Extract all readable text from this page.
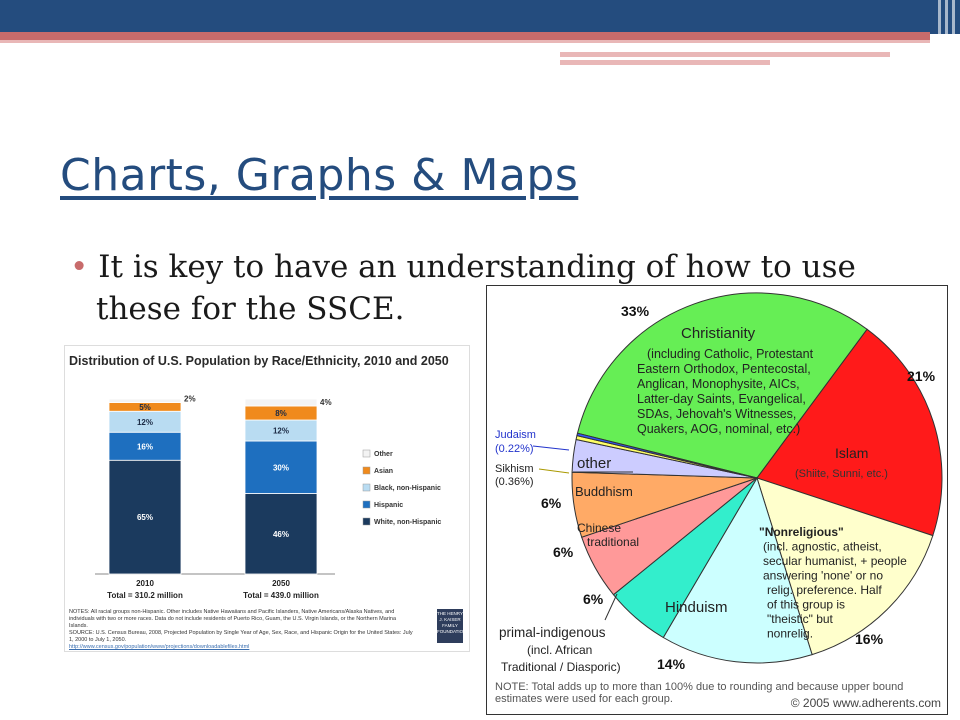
Charts, Graphs & Maps
• It is key to have an understanding of how to use
these for the SSCE.
Distribution of U.S. Population by Race/Ethnicity, 2010 and 2050
65%
16%
12%
5%
2%
2010
Total = 310.2 million
46%
30%
12%
8%
4%
2050
Total = 439.0 million
Other
Asian
Black, non-Hispanic
Hispanic
White, non-Hispanic
NOTES: All racial groups non-Hispanic. Other includes Native Hawaiians and Pacific Islanders, Native Americans/Alaska Natives, and
individuals with two or more races. Data do not include residents of Puerto Rico, Guam, the U.S. Virgin Islands, or the Northern Marina
Islands.
SOURCE: U.S. Census Bureau, 2008, Projected Population by Single Year of Age, Sex, Race, and Hispanic Origin for the United States: July
1, 2000 to July 1, 2050.
http://www.census.gov/population/www/projections/downloadablefiles.html
THE HENRY J. KAISER FAMILY FOUNDATION
Christianity
(including Catholic, Protestant
Eastern Orthodox, Pentecostal,
Anglican, Monophysite, AICs,
Latter-day Saints, Evangelical,
SDAs, Jehovah's Witnesses,
Quakers, AOG, nominal, etc.)
33%
Islam
(Shiite, Sunni, etc.)
21%
"Nonreligious"
(incl. agnostic, atheist,
secular humanist, + people
answering 'none' or no
relig. preference. Half
of this group is
"theistic" but
nonrelig.	16%
Hinduism
14%
primal-indigenous
(incl. African
Traditional / Diasporic)
6%
Chinese
traditional
6%
Buddhism
6%
other
Sikhism
(0.36%)
Judaism
(0.22%)
NOTE: Total adds up to more than 100% due to rounding and because upper bound
estimates were used for each group.	© 2005 www.adherents.com
